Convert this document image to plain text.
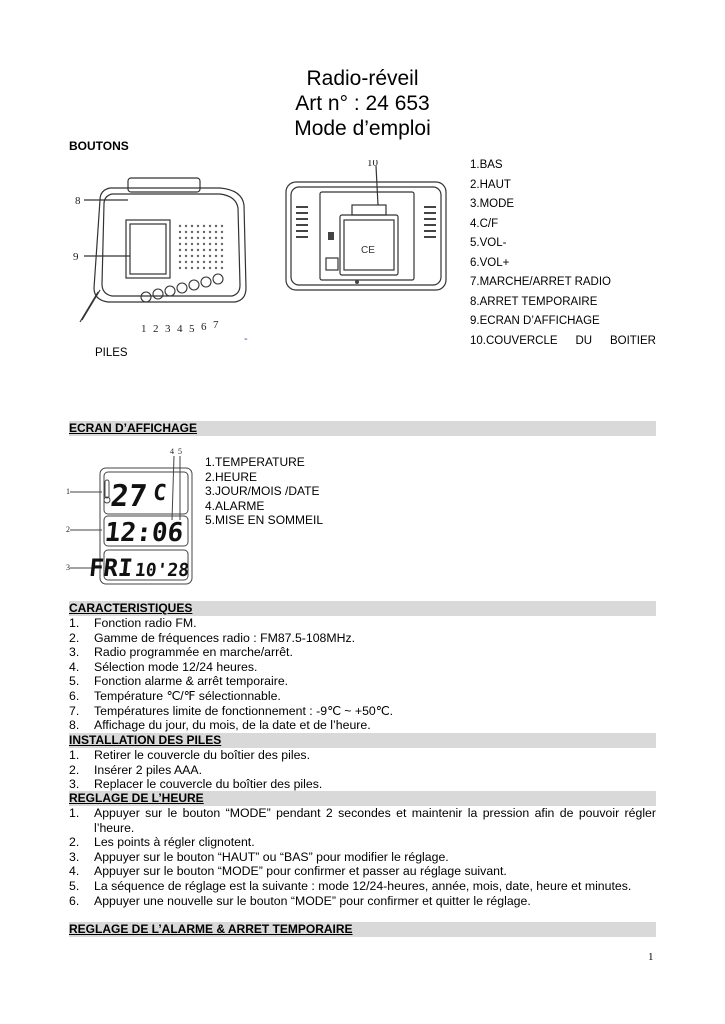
Radio-réveil
Art n° : 24 653
Mode d’emploi
BOUTONS
8
9
1 2 3 4 5 6 7
10
CE
1.BAS
2.HAUT
3.MODE
4.C/F
5.VOL-
6.VOL+
7.MARCHE/ARRET RADIO
8.ARRET TEMPORAIRE
9.ECRAN D’AFFICHAGE
10.COUVERCLE DU BOITIER
-
PILES
ECRAN D’AFFICHAGE
27 C
12:06
FRI 10'28
1
2
3
4 5
1.TEMPERATURE
2.HEURE
3.JOUR/MOIS /DATE
4.ALARME
5.MISE EN SOMMEIL
CARACTERISTIQUES
1. Fonction radio FM.
2. Gamme de fréquences radio : FM87.5-108MHz.
3. Radio programmée en marche/arrêt.
4. Sélection mode 12/24 heures.
5. Fonction alarme & arrêt temporaire.
6. Température ℃/℉ sélectionnable.
7. Températures limite de fonctionnement : -9℃ ~ +50℃.
8. Affichage du jour, du mois, de la date et de l’heure.
INSTALLATION DES PILES
1. Retirer le couvercle du boîtier des piles.
2. Insérer 2 piles AAA.
3. Replacer le couvercle du boîtier des piles.
REGLAGE DE L’HEURE
1. Appuyer sur le bouton “MODE” pendant 2 secondes et maintenir la pression afin de pouvoir régler l’heure.
2. Les points à régler clignotent.
3. Appuyer sur le bouton “HAUT” ou “BAS” pour modifier le réglage.
4. Appuyer sur le bouton “MODE” pour confirmer et passer au réglage suivant.
5. La séquence de réglage est la suivante : mode 12/24-heures, année, mois, date, heure et minutes.
6. Appuyer une nouvelle sur le bouton “MODE” pour confirmer et quitter le réglage.
REGLAGE DE L’ALARME & ARRET TEMPORAIRE
1
